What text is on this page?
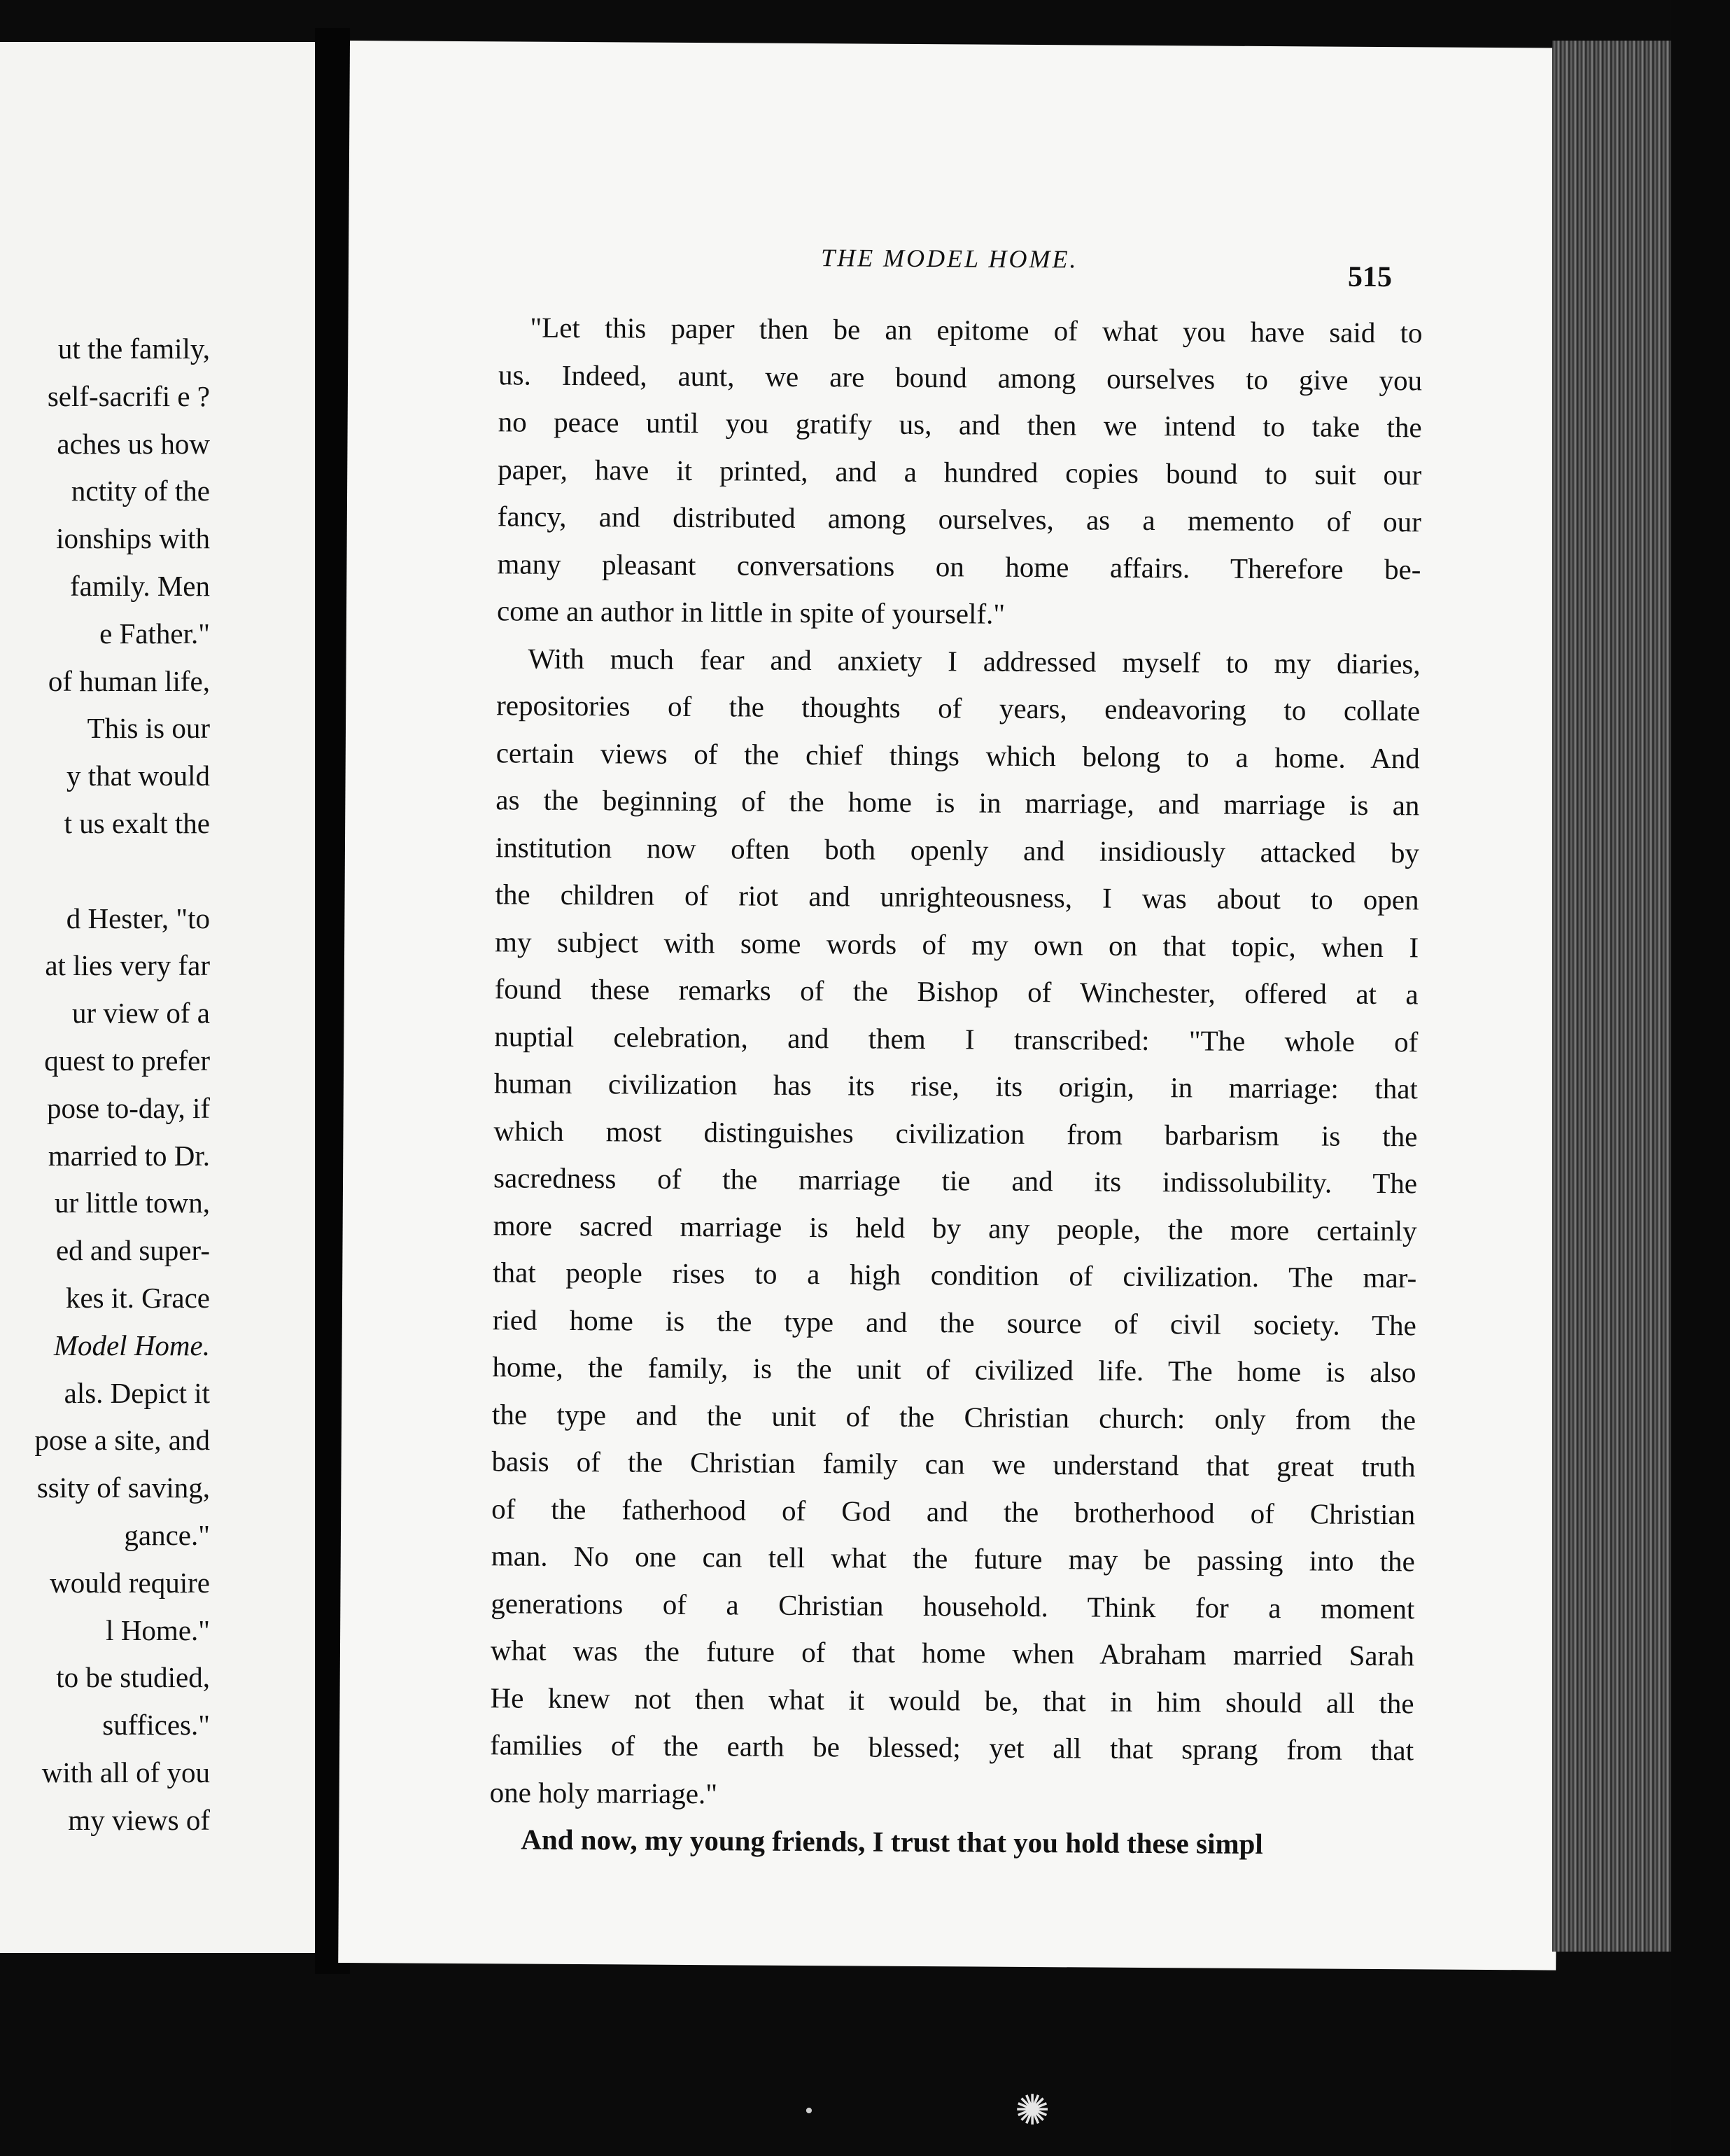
ut the family,
self-sacrifi e ?
aches us how
nctity of the
ionships with
family. Men
e Father."
of human life,
This is our
y that would
t us exalt the
d Hester, "to
at lies very far
ur view of a
quest to prefer
pose to-day, if
married to Dr.
ur little town,
ed and super-
kes it. Grace
Model Home.
als. Depict it
pose a site, and
ssity of saving,
gance."
would require
l Home."
to be studied,
suffices."
with all of you
my views of
THE MODEL HOME.
515
"Let this paper then be an epitome of what you have said to
us. Indeed, aunt, we are bound among ourselves to give you
no peace until you gratify us, and then we intend to take the
paper, have it printed, and a hundred copies bound to suit our
fancy, and distributed among ourselves, as a memento of our
many pleasant conversations on home affairs. Therefore be-
come an author in little in spite of yourself."
With much fear and anxiety I addressed myself to my diaries,
repositories of the thoughts of years, endeavoring to collate
certain views of the chief things which belong to a home. And
as the beginning of the home is in marriage, and marriage is an
institution now often both openly and insidiously attacked by
the children of riot and unrighteousness, I was about to open
my subject with some words of my own on that topic, when I
found these remarks of the Bishop of Winchester, offered at a
nuptial celebration, and them I transcribed: "The whole of
human civilization has its rise, its origin, in marriage: that
which most distinguishes civilization from barbarism is the
sacredness of the marriage tie and its indissolubility. The
more sacred marriage is held by any people, the more certainly
that people rises to a high condition of civilization. The mar-
ried home is the type and the source of civil society. The
home, the family, is the unit of civilized life. The home is also
the type and the unit of the Christian church: only from the
basis of the Christian family can we understand that great truth
of the fatherhood of God and the brotherhood of Christian
man. No one can tell what the future may be passing into the
generations of a Christian household. Think for a moment
what was the future of that home when Abraham married Sarah
He knew not then what it would be, that in him should all the
families of the earth be blessed; yet all that sprang from that
one holy marriage."
And now, my young friends, I trust that you hold these simpl
•	✺
